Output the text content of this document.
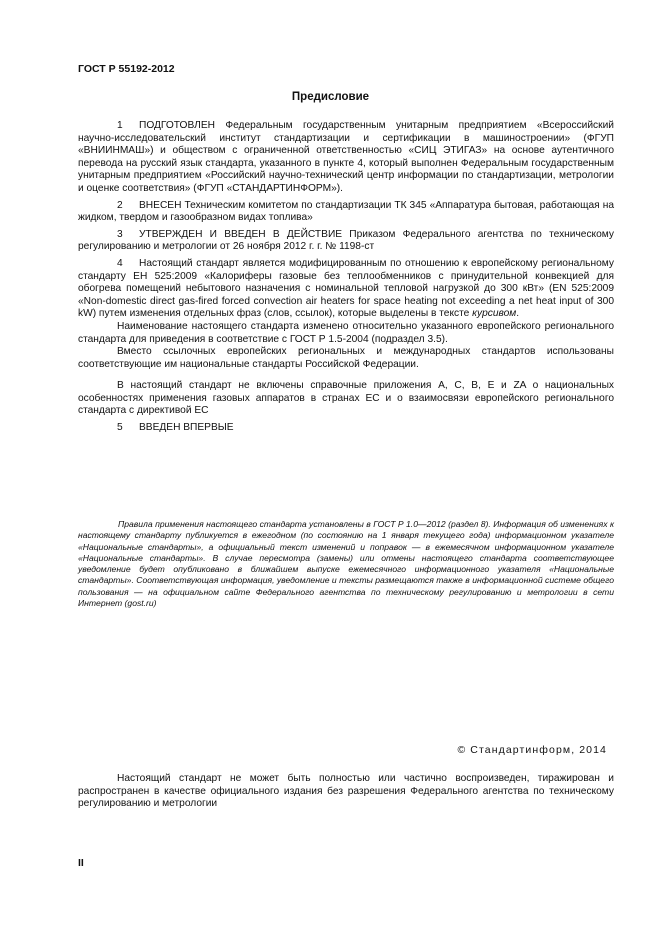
ГОСТ Р 55192-2012
Предисловие

1 ПОДГОТОВЛЕН Федеральным государственным унитарным предприятием «Всероссийский научно-исследовательский институт стандартизации и сертификации в машиностроении» (ФГУП «ВНИИНМАШ») и обществом с ограниченной ответственностью «СИЦ ЭТИГАЗ» на основе аутентичного перевода на русский язык стандарта, указанного в пункте 4, который выполнен Федеральным государственным унитарным предприятием «Российский научно-технический центр информации по стандартизации, метрологии и оценке соответствия» (ФГУП «СТАНДАРТИНФОРМ»).

2 ВНЕСЕН Техническим комитетом по стандартизации ТК 345 «Аппаратура бытовая, работающая на жидком, твердом и газообразном видах топлива»

3 УТВЕРЖДЕН И ВВЕДЕН В ДЕЙСТВИЕ Приказом Федерального агентства по техническому регулированию и метрологии от 26 ноября 2012 г. г. № 1198-ст

4 Настоящий стандарт является модифицированным по отношению к европейскому региональному стандарту ЕН 525:2009 «Калориферы газовые без теплообменников с принудительной конвекцией для обогрева помещений небытового назначения с номинальной тепловой нагрузкой до 300 кВт» (EN 525:2009 «Non-domestic direct gas-fired forced convection air heaters for space heating not exceeding a net heat input of 300 kW) путем изменения отдельных фраз (слов, ссылок), которые выделены в тексте курсивом.

Наименование настоящего стандарта изменено относительно указанного европейского регионального стандарта для приведения в соответствие с ГОСТ Р 1.5-2004 (подраздел 3.5).

Вместо ссылочных европейских региональных и международных стандартов использованы соответствующие им национальные стандарты Российской Федерации.

В настоящий стандарт не включены справочные приложения А, С, В, Е и ZA о национальных особенностях применения газовых аппаратов в странах ЕС и о взаимосвязи европейского регионального стандарта с директивой ЕС

5 ВВЕДЕН ВПЕРВЫЕ

Правила применения настоящего стандарта установлены в ГОСТ Р 1.0—2012 (раздел 8). Информация об изменениях к настоящему стандарту публикуется в ежегодном (по состоянию на 1 января текущего года) информационном указателе «Национальные стандарты», а официальный текст изменений и поправок — в ежемесячном информационном указателе «Национальные стандарты». В случае пересмотра (замены) или отмены настоящего стандарта соответствующее уведомление будет опубликовано в ближайшем выпуске ежемесячного информационного указателя «Национальные стандарты». Соответствующая информация, уведомление и тексты размещаются также в информационной системе общего пользования — на официальном сайте Федерального агентства по техническому регулированию и метрологии в сети Интернет (gost.ru)

© Стандартинформ, 2014

Настоящий стандарт не может быть полностью или частично воспроизведен, тиражирован и распространен в качестве официального издания без разрешения Федерального агентства по техническому регулированию и метрологии

II
